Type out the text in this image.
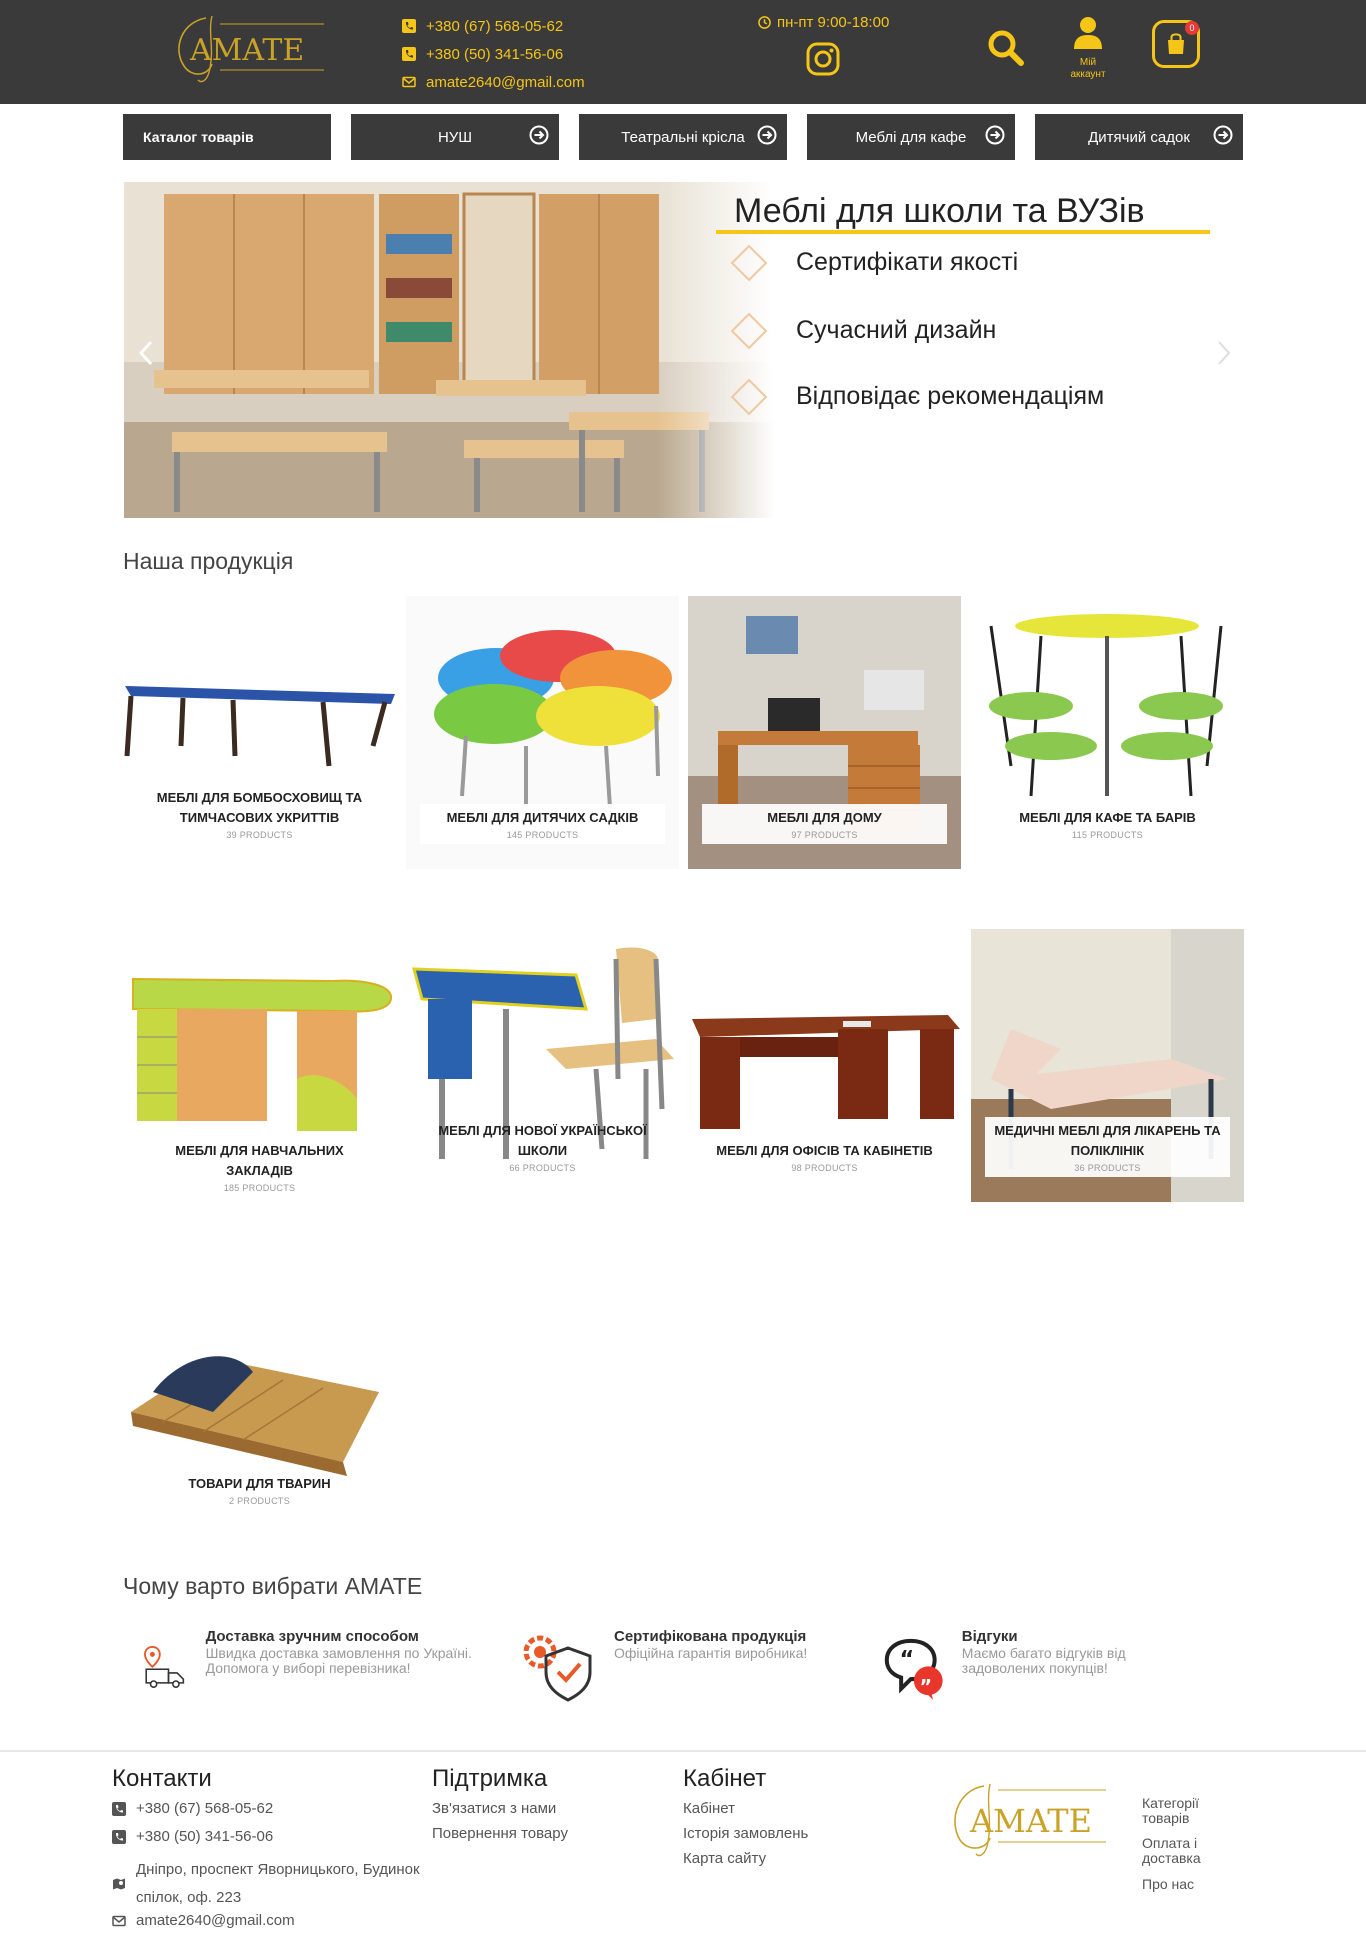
AMATE
+380 (67) 568-05-62
+380 (50) 341-56-06
amate2640@gmail.com
пн-пт 9:00-18:00
Мій
аккаунт
0
Каталог товарів	НУШ	Театральні крісла	Меблі для кафе	Дитячий садок
Меблі для школи та ВУЗів
Сертифікати якості
Сучасний дизайн
Відповідає рекомендаціям
Наша продукція
МЕБЛІ ДЛЯ БОМБОСХОВИЩ ТА ТИМЧАСОВИХ УКРИТТІВ
39 PRODUCTS
МЕБЛІ ДЛЯ ДИТЯЧИХ САДКІВ
145 PRODUCTS
МЕБЛІ ДЛЯ ДОМУ
97 PRODUCTS
МЕБЛІ ДЛЯ КАФЕ ТА БАРІВ
115 PRODUCTS
МЕБЛІ ДЛЯ НАВЧАЛЬНИХ ЗАКЛАДІВ
185 PRODUCTS
МЕБЛІ ДЛЯ НОВОЇ УКРАЇНСЬКОЇ ШКОЛИ
66 PRODUCTS
МЕБЛІ ДЛЯ ОФІСІВ ТА КАБІНЕТІВ
98 PRODUCTS
МЕДИЧНІ МЕБЛІ ДЛЯ ЛІКАРЕНЬ ТА ПОЛІКЛІНІК
36 PRODUCTS
ТОВАРИ ДЛЯ ТВАРИН
2 PRODUCTS
Чому варто вибрати AMATE
Доставка зручним способом
Швидка доставка замовлення по Україні. Допомога у виборі перевізника!
Сертифікована продукція
Офіційна гарантія виробника!	“
”
Відгуки
Маємо багато відгуків від задоволених покупців!
Контакти
+380 (67) 568-05-62
+380 (50) 341-56-06
Дніпро, проспект Яворницького, Будинок
спілок, оф. 223
amate2640@gmail.com
Підтримка
Зв'язатися з нами
Повернення товару
Кабінет
Кабінет
Історія замовлень
Карта сайту
AMATE	Категорії
товарів
Оплата і
доставка
Про нас
